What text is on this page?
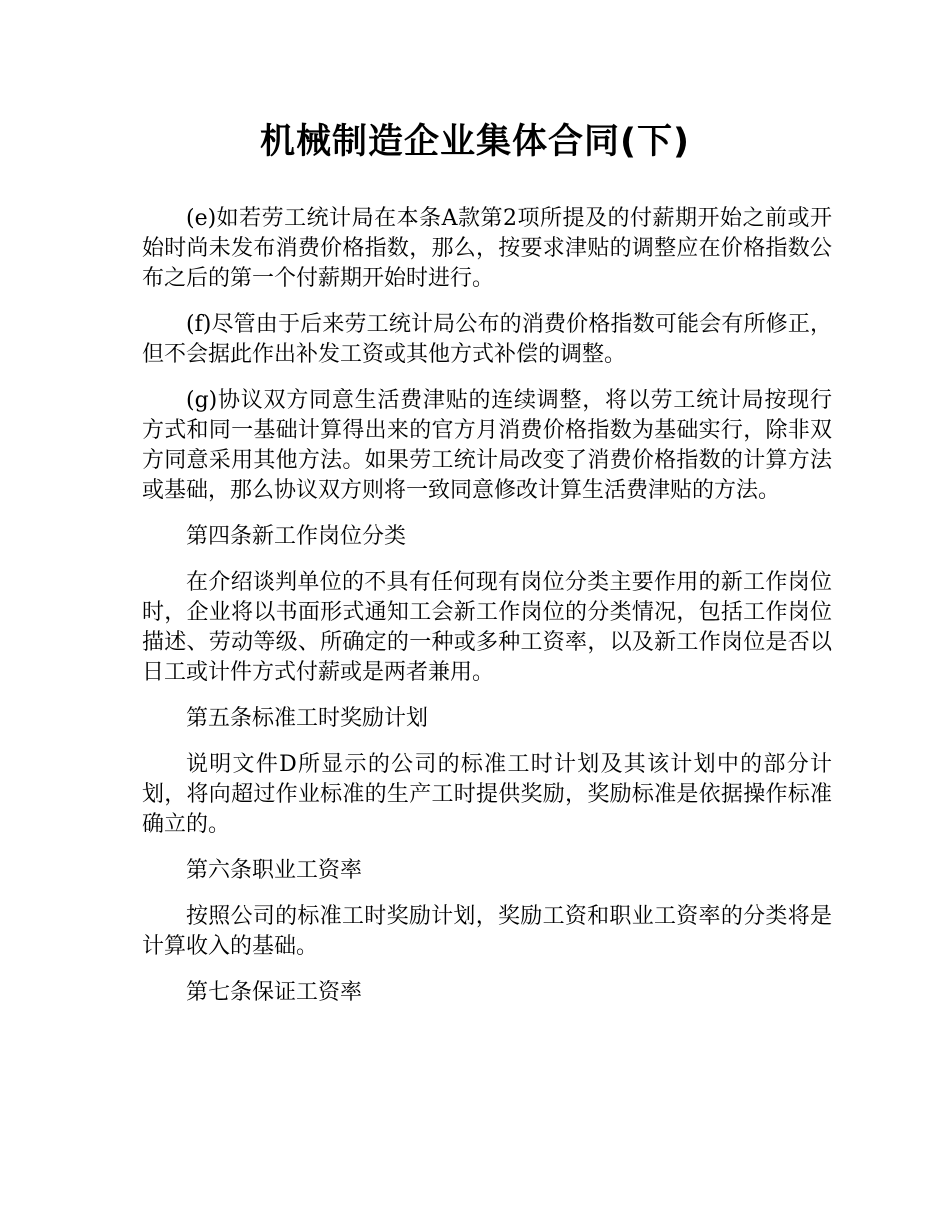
机械制造企业集体合同(下)

(e)如若劳工统计局在本条A款第2项所提及的付薪期开始之前或开始时尚未发布消费价格指数，那么，按要求津贴的调整应在价格指数公布之后的第一个付薪期开始时进行。

(f)尽管由于后来劳工统计局公布的消费价格指数可能会有所修正，但不会据此作出补发工资或其他方式补偿的调整。

(g)协议双方同意生活费津贴的连续调整，将以劳工统计局按现行方式和同一基础计算得出来的官方月消费价格指数为基础实行，除非双方同意采用其他方法。如果劳工统计局改变了消费价格指数的计算方法或基础，那么协议双方则将一致同意修改计算生活费津贴的方法。

第四条新工作岗位分类

在介绍谈判单位的不具有任何现有岗位分类主要作用的新工作岗位时，企业将以书面形式通知工会新工作岗位的分类情况，包括工作岗位描述、劳动等级、所确定的一种或多种工资率，以及新工作岗位是否以日工或计件方式付薪或是两者兼用。

第五条标准工时奖励计划

说明文件D所显示的公司的标准工时计划及其该计划中的部分计划，将向超过作业标准的生产工时提供奖励，奖励标准是依据操作标准确立的。

第六条职业工资率

按照公司的标准工时奖励计划，奖励工资和职业工资率的分类将是计算收入的基础。

第七条保证工资率
